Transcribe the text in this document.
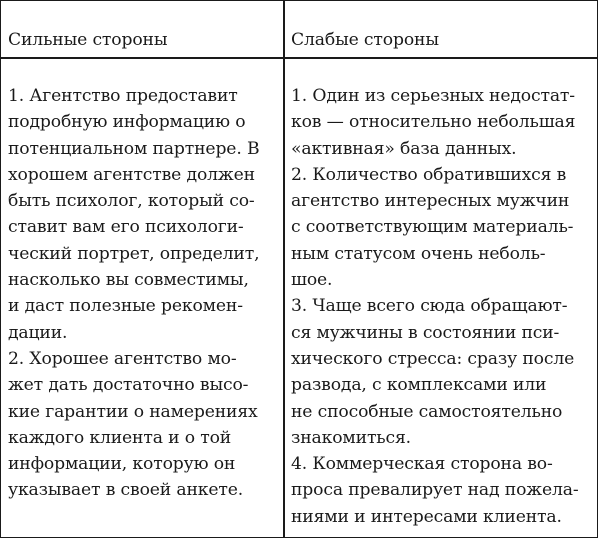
Сильные стороны	Слабые стороны
1. Агентство предоставит
подробную информацию о
потенциальном партнере. В
хорошем агентстве должен
быть психолог, который со-
ставит вам его психологи-
ческий портрет, определит,
насколько вы совместимы,
и даст полезные рекомен-
дации.
2. Хорошее агентство мо-
жет дать достаточно высо-
кие гарантии о намерениях
каждого клиента и о той
информации, которую он
указывает в своей анкете.
1. Один из серьезных недостат-
ков — относительно небольшая
«активная» база данных.
2. Количество обратившихся в
агентство интересных мужчин
с соответствующим материаль-
ным статусом очень неболь-
шое.
3. Чаще всего сюда обращают-
ся мужчины в состоянии пси-
хического стресса: сразу после
развода, с комплексами или
не способные самостоятельно
знакомиться.
4. Коммерческая сторона во-
проса превалирует над пожела-
ниями и интересами клиента.
